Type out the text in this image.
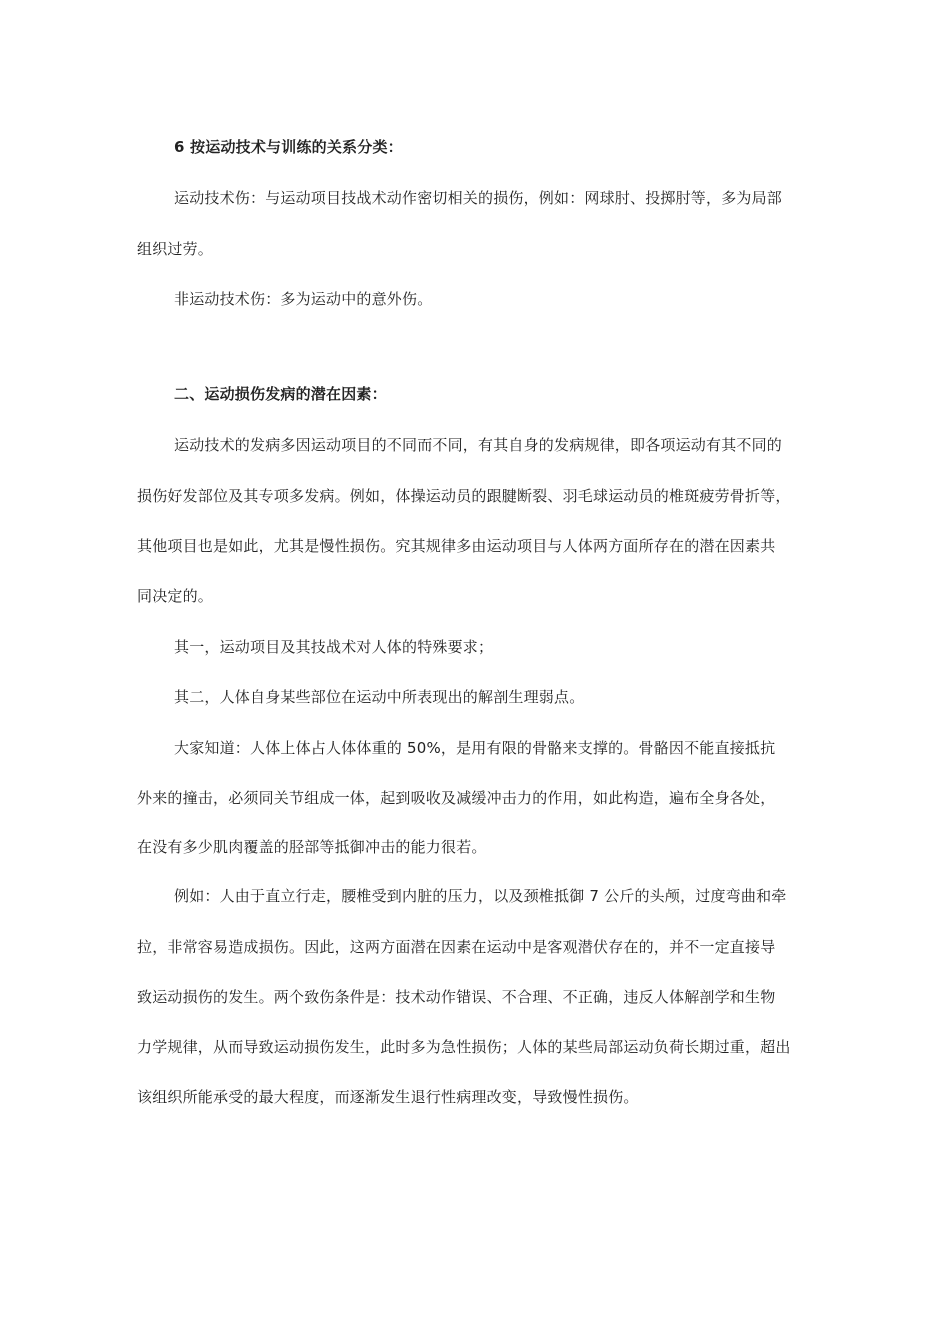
6 按运动技术与训练的关系分类：
运动技术伤：与运动项目技战术动作密切相关的损伤，例如：网球肘、投掷肘等，多为局部
组织过劳。
非运动技术伤：多为运动中的意外伤。
二、运动损伤发病的潜在因素：
运动技术的发病多因运动项目的不同而不同，有其自身的发病规律，即各项运动有其不同的
损伤好发部位及其专项多发病。例如，体操运动员的跟腱断裂、羽毛球运动员的椎斑疲劳骨折等，
其他项目也是如此，尤其是慢性损伤。究其规律多由运动项目与人体两方面所存在的潜在因素共
同决定的。
其一，运动项目及其技战术对人体的特殊要求；
其二，人体自身某些部位在运动中所表现出的解剖生理弱点。
大家知道：人体上体占人体体重的 50%，是用有限的骨骼来支撑的。骨骼因不能直接抵抗
外来的撞击，必须同关节组成一体，起到吸收及减缓冲击力的作用，如此构造，遍布全身各处，
在没有多少肌肉覆盖的胫部等抵御冲击的能力很若。
例如：人由于直立行走，腰椎受到内脏的压力，以及颈椎抵御 7 公斤的头颅，过度弯曲和牵
拉，非常容易造成损伤。因此，这两方面潜在因素在运动中是客观潜伏存在的，并不一定直接导
致运动损伤的发生。两个致伤条件是：技术动作错误、不合理、不正确，违反人体解剖学和生物
力学规律，从而导致运动损伤发生，此时多为急性损伤；人体的某些局部运动负荷长期过重，超出
该组织所能承受的最大程度，而逐渐发生退行性病理改变，导致慢性损伤。
